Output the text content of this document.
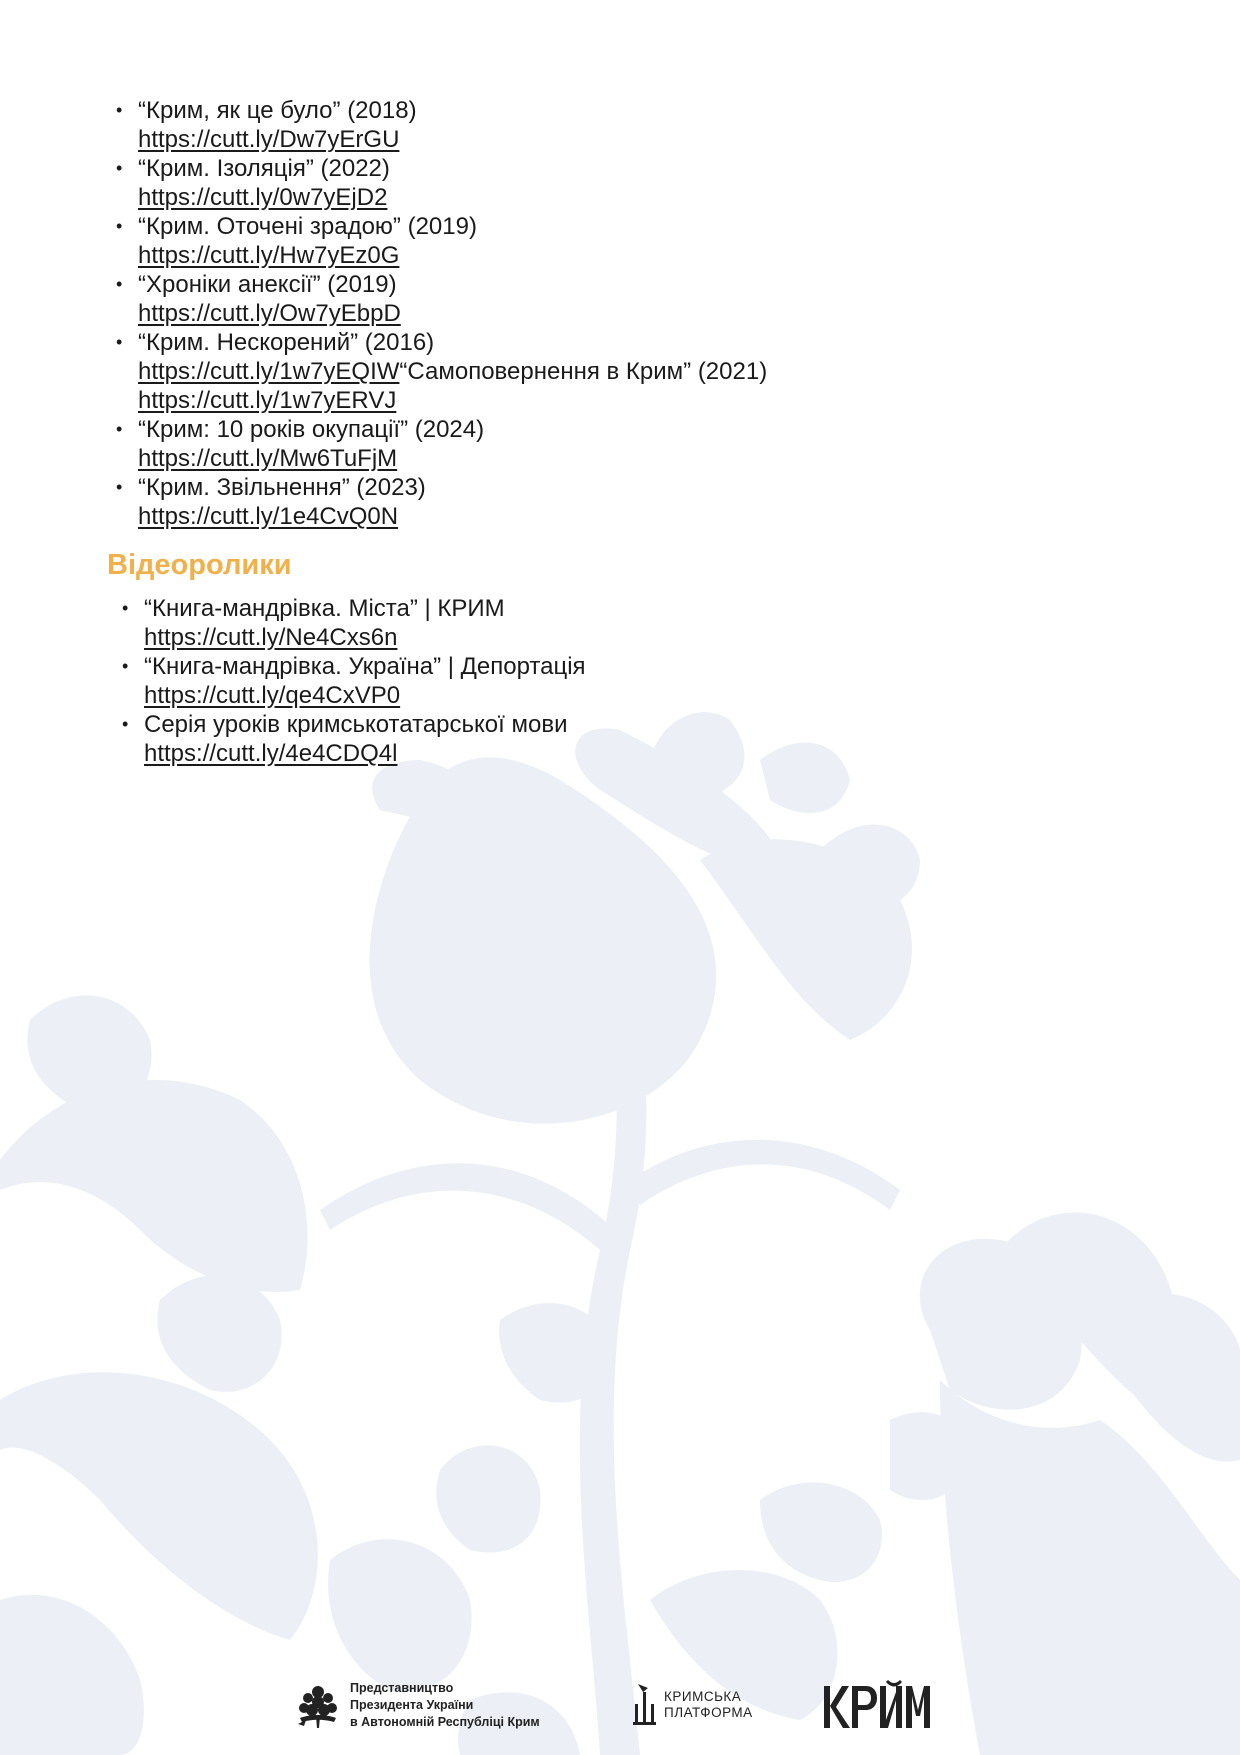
• “Крим, як це було” (2018)
https://cutt.ly/Dw7yErGU
• “Крим. Ізоляція” (2022)
https://cutt.ly/0w7yEjD2
• “Крим. Оточені зрадою” (2019)
https://cutt.ly/Hw7yEz0G
• “Хроніки анексії” (2019)
https://cutt.ly/Ow7yEbpD
• “Крим. Нескорений” (2016)
https://cutt.ly/1w7yEQIW“Самоповернення в Крим” (2021)
https://cutt.ly/1w7yERVJ
• “Крим: 10 років окупації” (2024)
https://cutt.ly/Mw6TuFjM
• “Крим. Звільнення” (2023)
https://cutt.ly/1e4CvQ0N
Відеоролики
• “Книга-мандрівка. Міста” | КРИМ
https://cutt.ly/Ne4Cxs6n
• “Книга-мандрівка. Україна” | Депортація
https://cutt.ly/qe4CxVP0
• Серія уроків кримськотатарської мови
https://cutt.ly/4e4CDQ4l
Представництво
Президента України
в Автономній Республіці Крим
КРИМСЬКА
ПЛАТФОРМА
